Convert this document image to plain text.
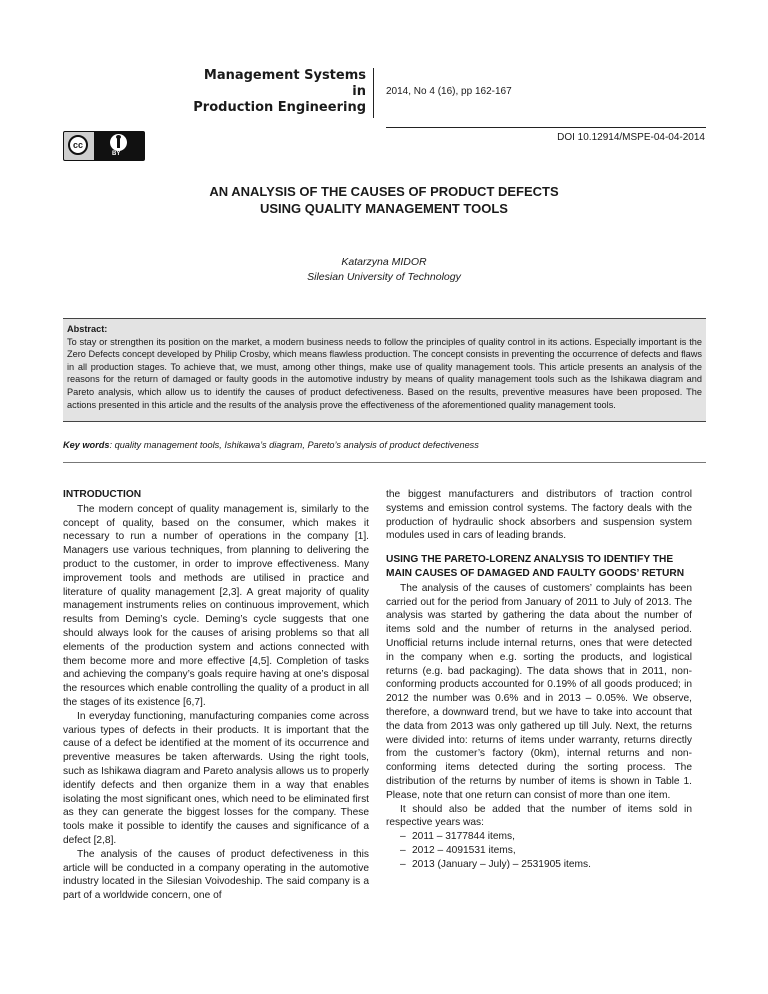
Management Systems
in
Production Engineering
2014, No 4 (16), pp 162-167
cc
BY
DOI 10.12914/MSPE-04-04-2014
AN ANALYSIS OF THE CAUSES OF PRODUCT DEFECTS
USING QUALITY MANAGEMENT TOOLS
Katarzyna MIDOR
Silesian University of Technology
Abstract:
To stay or strengthen its position on the market, a modern business needs to follow the principles of quality control in its actions. Especially important is the Zero Defects concept developed by Philip Crosby, which means flawless production. The concept consists in preventing the occurrence of defects and flaws in all production stages. To achieve that, we must, among other things, make use of quality management tools. This article presents an analysis of the reasons for the return of damaged or faulty goods in the automotive industry by means of quality management tools such as the Ishikawa diagram and Pareto analysis, which allow us to identify the causes of product defectiveness. Based on the results, preventive measures have been proposed. The actions presented in this article and the results of the analysis prove the effectiveness of the aforementioned quality management tools.
Key words: quality management tools, Ishikawa’s diagram, Pareto’s analysis of product defectiveness
INTRODUCTION

The modern concept of quality management is, similarly to the concept of quality, based on the consumer, which makes it necessary to run a number of operations in the company [1]. Managers use various techniques, from planning to delivering the product to the customer, in order to improve effectiveness. Many improvement tools and methods are utilised in practice and literature of quality management [2,3]. A great majority of quality management instruments relies on continuous improvement, which results from Deming’s cycle. Deming’s cycle suggests that one should always look for the causes of arising problems so that all elements of the production system and actions connected with them become more and more effective [4,5]. Completion of tasks and achieving the company’s goals require having at one’s disposal the resources which enable controlling the quality of a product in all the stages of its existence [6,7].

In everyday functioning, manufacturing companies come across various types of defects in their products. It is important that the cause of a defect be identified at the moment of its occurrence and preventive measures be taken afterwards. Using the right tools, such as Ishikawa diagram and Pareto analysis allows us to properly identify defects and then organize them in a way that enables isolating the most significant ones, which need to be eliminated first as they can generate the biggest losses for the company. These tools make it possible to identify the causes and significance of a defect [2,8].

The analysis of the causes of product defectiveness in this article will be conducted in a company operating in the automotive industry located in the Silesian Voivodeship. The said company is a part of a worldwide concern, one of

the biggest manufacturers and distributors of traction control systems and emission control systems. The factory deals with the production of hydraulic shock absorbers and suspension system modules used in cars of leading brands.

USING THE PARETO-LORENZ ANALYSIS TO IDENTIFY THE MAIN CAUSES OF DAMAGED AND FAULTY GOODS’ RETURN

The analysis of the causes of customers’ complaints has been carried out for the period from January of 2011 to July of 2013. The analysis was started by gathering the data about the number of items sold and the number of returns in the analysed period. Unofficial returns include internal returns, ones that were detected in the company when e.g. sorting the products, and logistical returns (e.g. bad packaging). The data shows that in 2011, non-conforming products accounted for 0.19% of all goods produced; in 2012 the number was 0.6% and in 2013 – 0.05%. We observe, therefore, a downward trend, but we have to take into account that the data from 2013 was only gathered up till July. Next, the returns were divided into: returns of items under warranty, returns directly from the customer’s factory (0km), internal returns and non-conforming items detected during the sorting process. The distribution of the returns by number of items is shown in Table 1. Please, note that one return can consist of more than one item.

It should also be added that the number of items sold in respective years was:

– 2011 – 3177844 items,
– 2012 – 4091531 items,
– 2013 (January – July) – 2531905 items.
